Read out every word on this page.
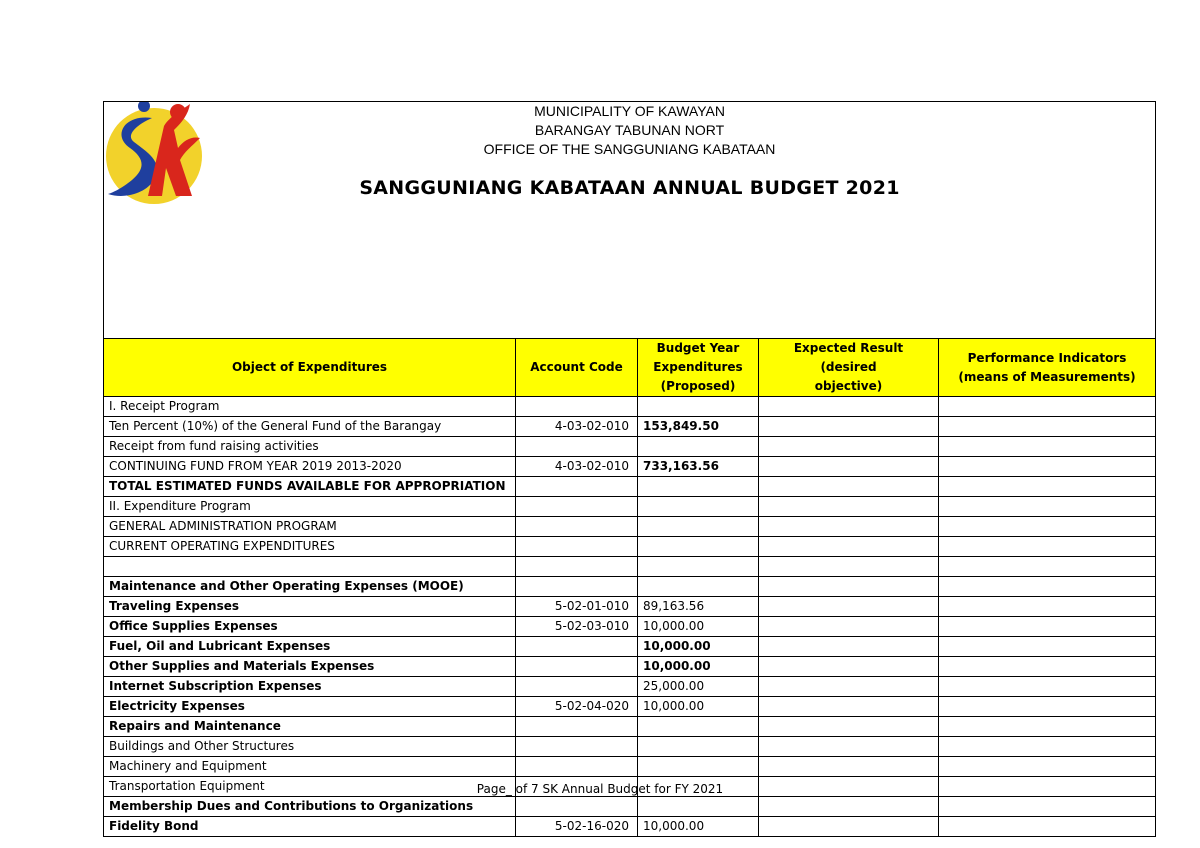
MUNICIPALITY OF KAWAYAN
BARANGAY TABUNAN NORT
OFFICE OF THE SANGGUNIANG KABATAAN
SANGGUNIANG KABATAAN ANNUAL BUDGET 2021				

Object of Expenditures	Account Code	Budget Year Expenditures (Proposed)	Expected Result (desired objective)	Performance Indicators (means of Measurements)
I. Receipt Program				
Ten Percent (10%) of the General Fund of the Barangay	4-03-02-010	153,849.50		
Receipt from fund raising activities				
CONTINUING FUND FROM YEAR 2019 2013-2020	4-03-02-010	733,163.56		
TOTAL ESTIMATED FUNDS AVAILABLE FOR APPROPRIATION				
II. Expenditure Program				
GENERAL ADMINISTRATION PROGRAM				
CURRENT OPERATING EXPENDITURES				

Maintenance and Other Operating Expenses (MOOE)				
Traveling Expenses	5-02-01-010	89,163.56		
Office Supplies Expenses	5-02-03-010	10,000.00		
Fuel, Oil and Lubricant Expenses		10,000.00		
Other Supplies and Materials Expenses		10,000.00		
Internet Subscription Expenses		25,000.00		
Electricity Expenses	5-02-04-020	10,000.00		
Repairs and Maintenance				
Buildings and Other Structures				
Machinery and Equipment				
Transportation Equipment				
Membership Dues and Contributions to Organizations				
Fidelity Bond	5-02-16-020	10,000.00		
Page_ of 7 SK Annual Budget for FY 2021
